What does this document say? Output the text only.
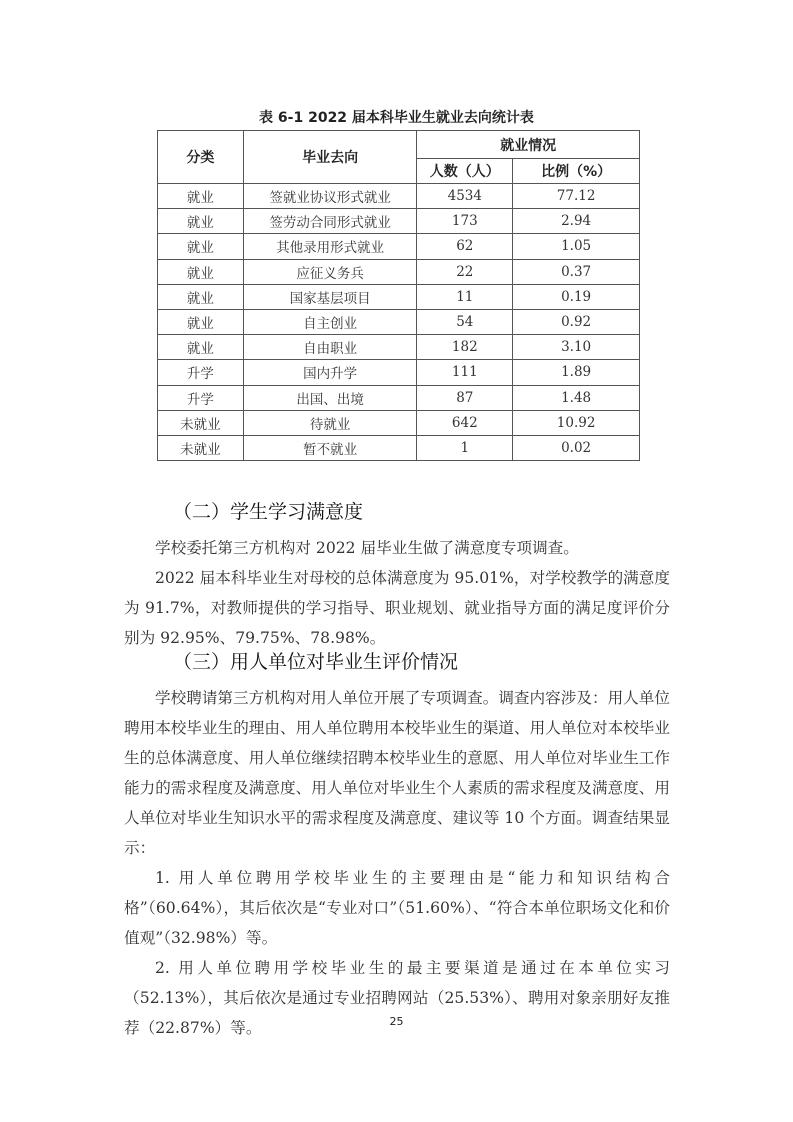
表 6-1 2022 届本科毕业生就业去向统计表
分类	毕业去向	就业情况	
		人数（人）	比例（%）
就业	签就业协议形式就业	4534	77.12
就业	签劳动合同形式就业	173	2.94
就业	其他录用形式就业	62	1.05
就业	应征义务兵	22	0.37
就业	国家基层项目	11	0.19
就业	自主创业	54	0.92
就业	自由职业	182	3.10
升学	国内升学	111	1.89
升学	出国、出境	87	1.48
未就业	待就业	642	10.92
未就业	暂不就业	1	0.02
（二）学生学习满意度
学校委托第三方机构对 2022 届毕业生做了满意度专项调查。
2022 届本科毕业生对母校的总体满意度为 95.01%，对学校教学的满意度为 91.7%，对教师提供的学习指导、职业规划、就业指导方面的满足度评价分别为 92.95%、79.75%、78.98%。
（三）用人单位对毕业生评价情况
学校聘请第三方机构对用人单位开展了专项调查。调查内容涉及：用人单位聘用本校毕业生的理由、用人单位聘用本校毕业生的渠道、用人单位对本校毕业生的总体满意度、用人单位继续招聘本校毕业生的意愿、用人单位对毕业生工作能力的需求程度及满意度、用人单位对毕业生个人素质的需求程度及满意度、用人单位对毕业生知识水平的需求程度及满意度、建议等 10 个方面。调查结果显示：
1. 用人单位聘用学校毕业生的主要理由是“能力和知识结构合格”（60.64%），其后依次是“专业对口”（51.60%）、“符合本单位职场文化和价值观”（32.98%）等。
2. 用人单位聘用学校毕业生的最主要渠道是通过在本单位实习（52.13%），其后依次是通过专业招聘网站（25.53%）、聘用对象亲朋好友推荐（22.87%）等。	25
